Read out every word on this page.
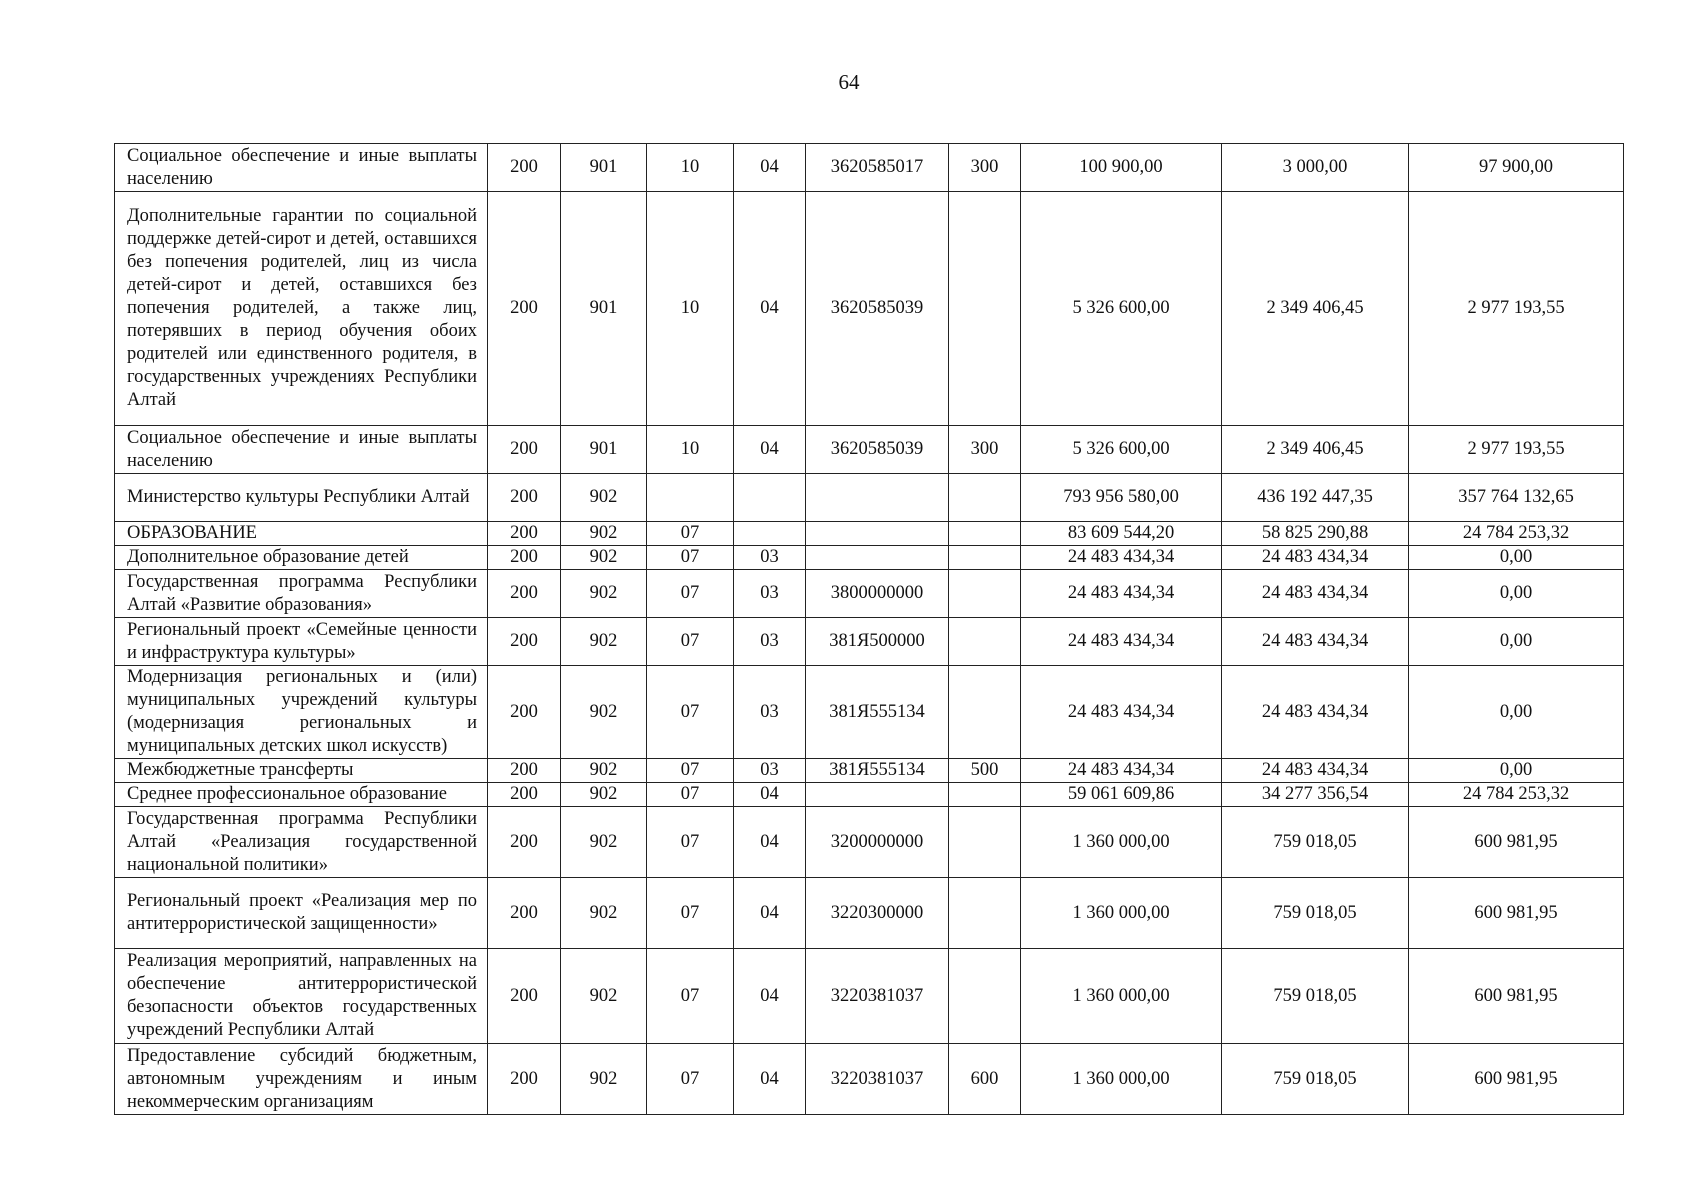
64
Социальное обеспечение и иные выплаты населению	200	901	10	04	3620585017	300	100 900,00	3 000,00	97 900,00
Дополнительные гарантии по социальной поддержке детей-сирот и детей, оставшихся без попечения родителей, лиц из числа детей-сирот и детей, оставшихся без попечения родителей, а также лиц, потерявших в период обучения обоих родителей или единственного родителя, в государственных учреждениях Республики Алтай	200	901	10	04	3620585039		5 326 600,00	2 349 406,45	2 977 193,55
Социальное обеспечение и иные выплаты населению	200	901	10	04	3620585039	300	5 326 600,00	2 349 406,45	2 977 193,55
Министерство культуры Республики Алтай	200	902					793 956 580,00	436 192 447,35	357 764 132,65
ОБРАЗОВАНИЕ	200	902	07				83 609 544,20	58 825 290,88	24 784 253,32
Дополнительное образование детей	200	902	07	03			24 483 434,34	24 483 434,34	0,00
Государственная программа Республики Алтай «Развитие образования»	200	902	07	03	3800000000		24 483 434,34	24 483 434,34	0,00
Региональный проект «Семейные ценности и инфраструктура культуры»	200	902	07	03	381Я500000		24 483 434,34	24 483 434,34	0,00
Модернизация региональных и (или) муниципальных учреждений культуры (модернизация региональных и муниципальных детских школ искусств)	200	902	07	03	381Я555134		24 483 434,34	24 483 434,34	0,00
Межбюджетные трансферты	200	902	07	03	381Я555134	500	24 483 434,34	24 483 434,34	0,00
Среднее профессиональное образование	200	902	07	04			59 061 609,86	34 277 356,54	24 784 253,32
Государственная программа Республики Алтай «Реализация государственной национальной политики»	200	902	07	04	3200000000		1 360 000,00	759 018,05	600 981,95
Региональный проект «Реализация мер по антитеррористической защищенности»	200	902	07	04	3220300000		1 360 000,00	759 018,05	600 981,95
Реализация мероприятий, направленных на обеспечение антитеррористической безопасности объектов государственных учреждений Республики Алтай	200	902	07	04	3220381037		1 360 000,00	759 018,05	600 981,95
Предоставление субсидий бюджетным, автономным учреждениям и иным некоммерческим организациям	200	902	07	04	3220381037	600	1 360 000,00	759 018,05	600 981,95
